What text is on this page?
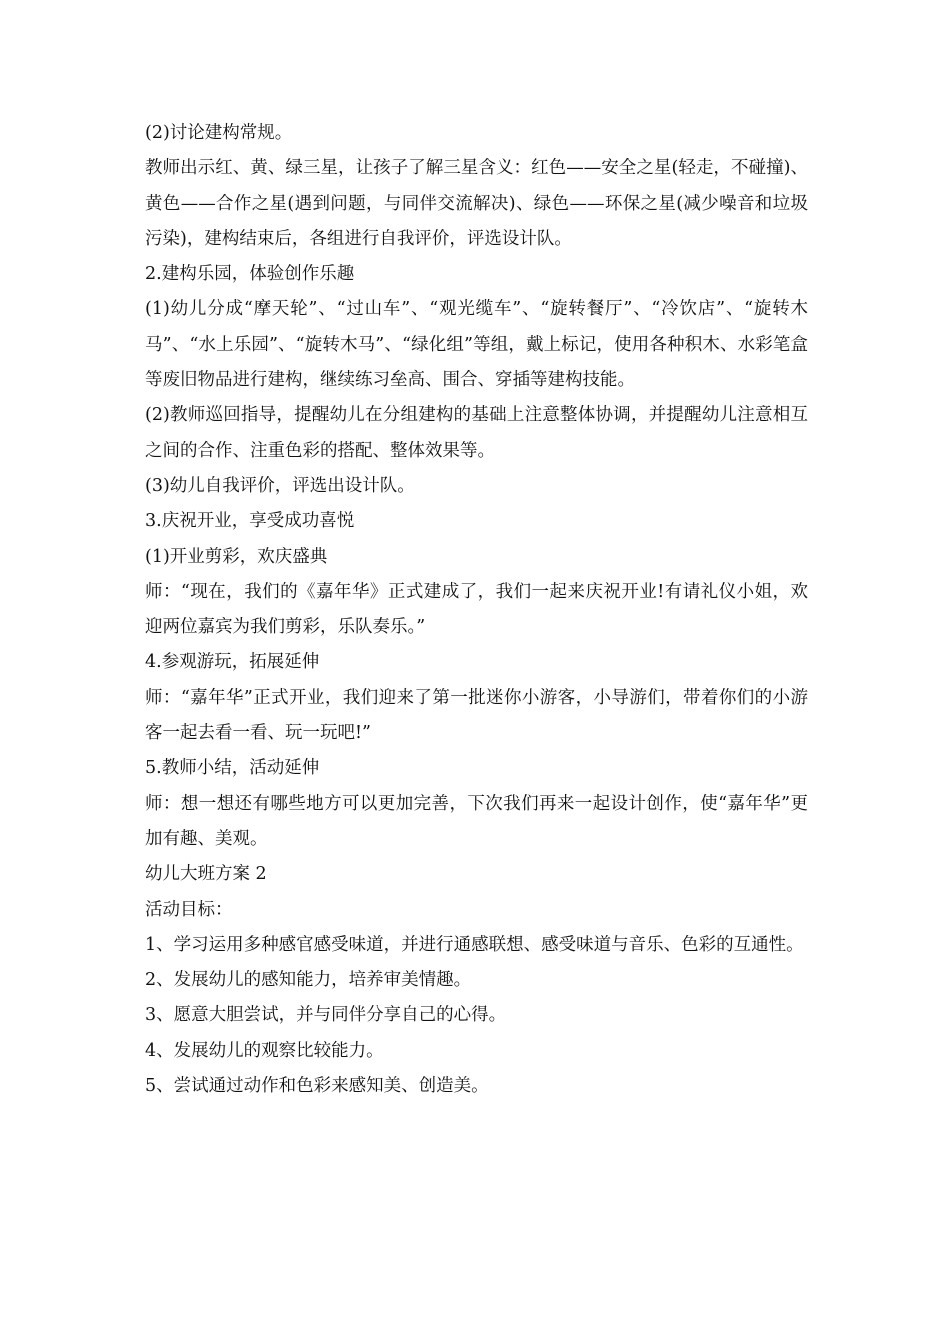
(2)讨论建构常规。

教师出示红、黄、绿三星，让孩子了解三星含义：红色——安全之星(轻走，不碰撞)、黄色——合作之星(遇到问题，与同伴交流解决)、绿色——环保之星(减少噪音和垃圾污染)，建构结束后，各组进行自我评价，评选设计队。

2.建构乐园，体验创作乐趣

(1)幼儿分成“摩天轮”、“过山车”、“观光缆车”、“旋转餐厅”、“冷饮店”、“旋转木马”、“水上乐园”、“旋转木马”、“绿化组”等组，戴上标记，使用各种积木、水彩笔盒等废旧物品进行建构，继续练习垒高、围合、穿插等建构技能。

(2)教师巡回指导，提醒幼儿在分组建构的基础上注意整体协调，并提醒幼儿注意相互之间的合作、注重色彩的搭配、整体效果等。

(3)幼儿自我评价，评选出设计队。

3.庆祝开业，享受成功喜悦

(1)开业剪彩，欢庆盛典

师：“现在，我们的《嘉年华》正式建成了，我们一起来庆祝开业!有请礼仪小姐，欢迎两位嘉宾为我们剪彩，乐队奏乐。”

4.参观游玩，拓展延伸

师：“嘉年华”正式开业，我们迎来了第一批迷你小游客，小导游们，带着你们的小游客一起去看一看、玩一玩吧!”

5.教师小结，活动延伸

师：想一想还有哪些地方可以更加完善，下次我们再来一起设计创作，使“嘉年华”更加有趣、美观。

幼儿大班方案 2

活动目标：

1、学习运用多种感官感受味道，并进行通感联想、感受味道与音乐、色彩的互通性。

2、发展幼儿的感知能力，培养审美情趣。

3、愿意大胆尝试，并与同伴分享自己的心得。

4、发展幼儿的观察比较能力。

5、尝试通过动作和色彩来感知美、创造美。
